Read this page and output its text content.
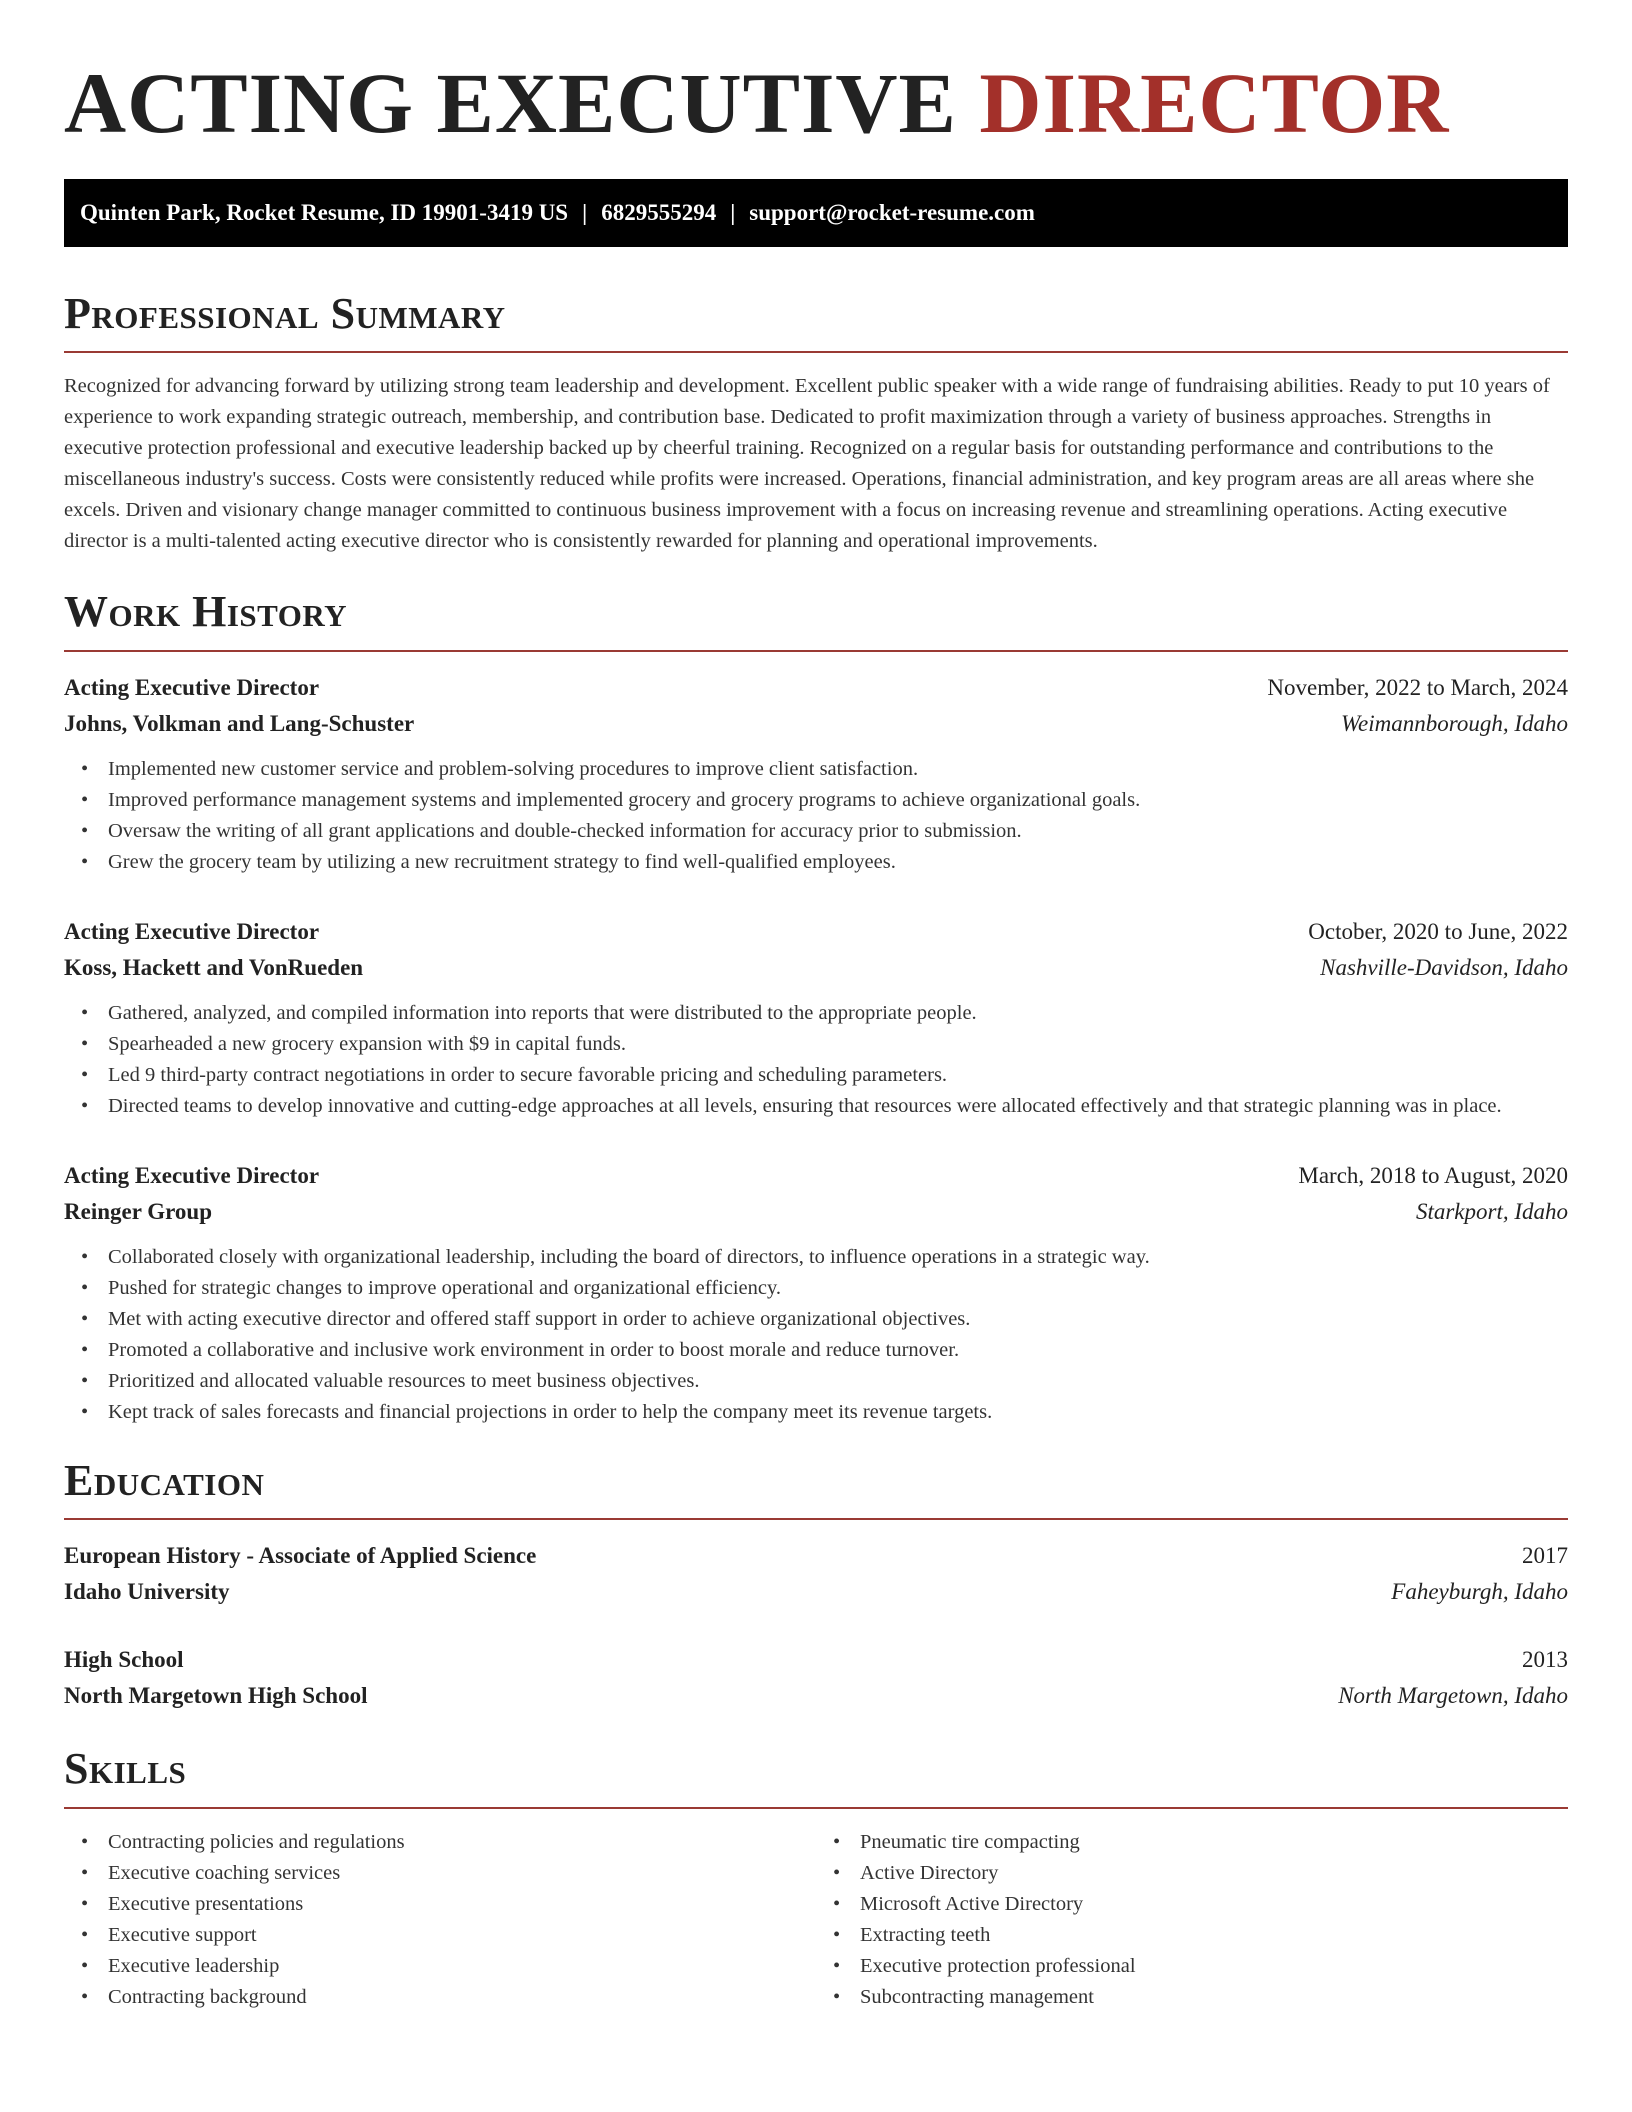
ACTING EXECUTIVE DIRECTOR
Quinten Park, Rocket Resume, ID 19901-3419 US | 6829555294 | support@rocket-resume.com
Professional Summary

Recognized for advancing forward by utilizing strong team leadership and development. Excellent public speaker with a wide range of fundraising abilities. Ready to put 10 years of experience to work expanding strategic outreach, membership, and contribution base. Dedicated to profit maximization through a variety of business approaches. Strengths in executive protection professional and executive leadership backed up by cheerful training. Recognized on a regular basis for outstanding performance and contributions to the miscellaneous industry's success. Costs were consistently reduced while profits were increased. Operations, financial administration, and key program areas are all areas where she excels. Driven and visionary change manager committed to continuous business improvement with a focus on increasing revenue and streamlining operations. Acting executive director is a multi-talented acting executive director who is consistently rewarded for planning and operational improvements.

Work History
Acting Executive Director	November, 2022 to March, 2024
Johns, Volkman and Lang-Schuster	Weimannborough, Idaho
• Implemented new customer service and problem-solving procedures to improve client satisfaction.
• Improved performance management systems and implemented grocery and grocery programs to achieve organizational goals.
• Oversaw the writing of all grant applications and double-checked information for accuracy prior to submission.
• Grew the grocery team by utilizing a new recruitment strategy to find well-qualified employees.
Acting Executive Director	October, 2020 to June, 2022
Koss, Hackett and VonRueden	Nashville-Davidson, Idaho
• Gathered, analyzed, and compiled information into reports that were distributed to the appropriate people.
• Spearheaded a new grocery expansion with $9 in capital funds.
• Led 9 third-party contract negotiations in order to secure favorable pricing and scheduling parameters.
• Directed teams to develop innovative and cutting-edge approaches at all levels, ensuring that resources were allocated effectively and that strategic planning was in place.
Acting Executive Director	March, 2018 to August, 2020
Reinger Group	Starkport, Idaho
• Collaborated closely with organizational leadership, including the board of directors, to influence operations in a strategic way.
• Pushed for strategic changes to improve operational and organizational efficiency.
• Met with acting executive director and offered staff support in order to achieve organizational objectives.
• Promoted a collaborative and inclusive work environment in order to boost morale and reduce turnover.
• Prioritized and allocated valuable resources to meet business objectives.
• Kept track of sales forecasts and financial projections in order to help the company meet its revenue targets.
Education
European History - Associate of Applied Science	2017
Idaho University	Faheyburgh, Idaho
High School	2013
North Margetown High School	North Margetown, Idaho
Skills
• Contracting policies and regulations
• Executive coaching services
• Executive presentations
• Executive support
• Executive leadership
• Contracting background
• Pneumatic tire compacting
• Active Directory
• Microsoft Active Directory
• Extracting teeth
• Executive protection professional
• Subcontracting management
